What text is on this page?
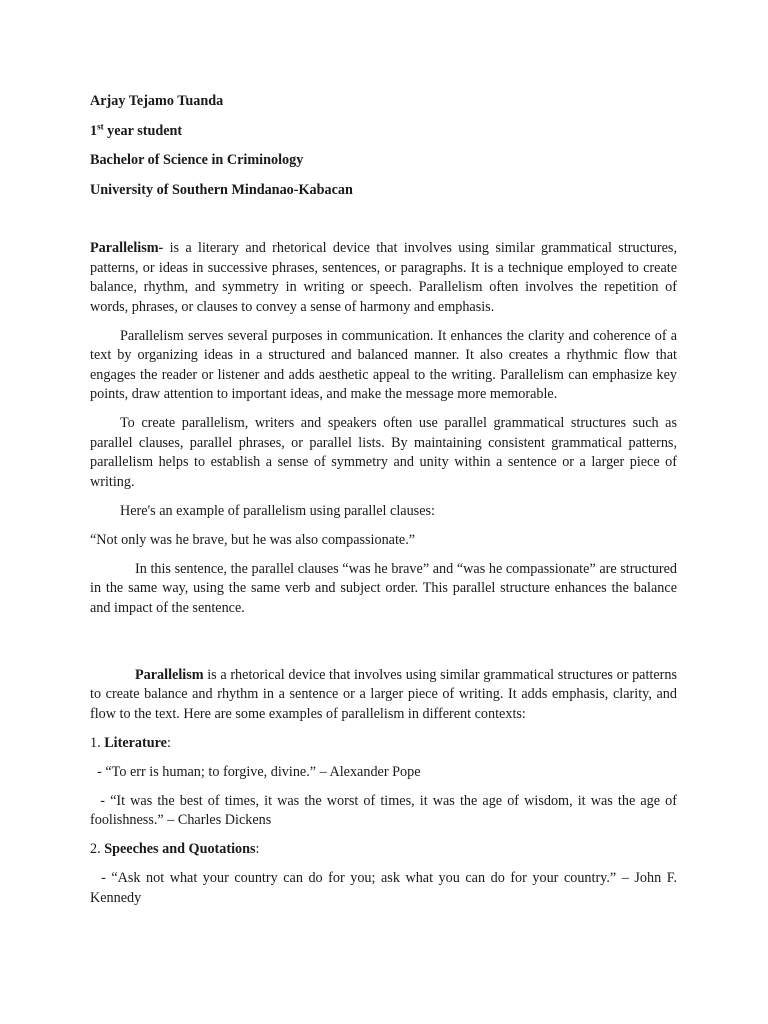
Arjay Tejamo Tuanda
1st year student
Bachelor of Science in Criminology
University of Southern Mindanao-Kabacan

Parallelism- is a literary and rhetorical device that involves using similar grammatical structures, patterns, or ideas in successive phrases, sentences, or paragraphs. It is a technique employed to create balance, rhythm, and symmetry in writing or speech. Parallelism often involves the repetition of words, phrases, or clauses to convey a sense of harmony and emphasis.

Parallelism serves several purposes in communication. It enhances the clarity and coherence of a text by organizing ideas in a structured and balanced manner. It also creates a rhythmic flow that engages the reader or listener and adds aesthetic appeal to the writing. Parallelism can emphasize key points, draw attention to important ideas, and make the message more memorable.

To create parallelism, writers and speakers often use parallel grammatical structures such as parallel clauses, parallel phrases, or parallel lists. By maintaining consistent grammatical patterns, parallelism helps to establish a sense of symmetry and unity within a sentence or a larger piece of writing.

Here's an example of parallelism using parallel clauses:

“Not only was he brave, but he was also compassionate.”

In this sentence, the parallel clauses “was he brave” and “was he compassionate” are structured in the same way, using the same verb and subject order. This parallel structure enhances the balance and impact of the sentence.

Parallelism is a rhetorical device that involves using similar grammatical structures or patterns to create balance and rhythm in a sentence or a larger piece of writing. It adds emphasis, clarity, and flow to the text. Here are some examples of parallelism in different contexts:

1. Literature:

- “To err is human; to forgive, divine.” – Alexander Pope

- “It was the best of times, it was the worst of times, it was the age of wisdom, it was the age of foolishness.” – Charles Dickens

2. Speeches and Quotations:

- “Ask not what your country can do for you; ask what you can do for your country.” – John F. Kennedy
